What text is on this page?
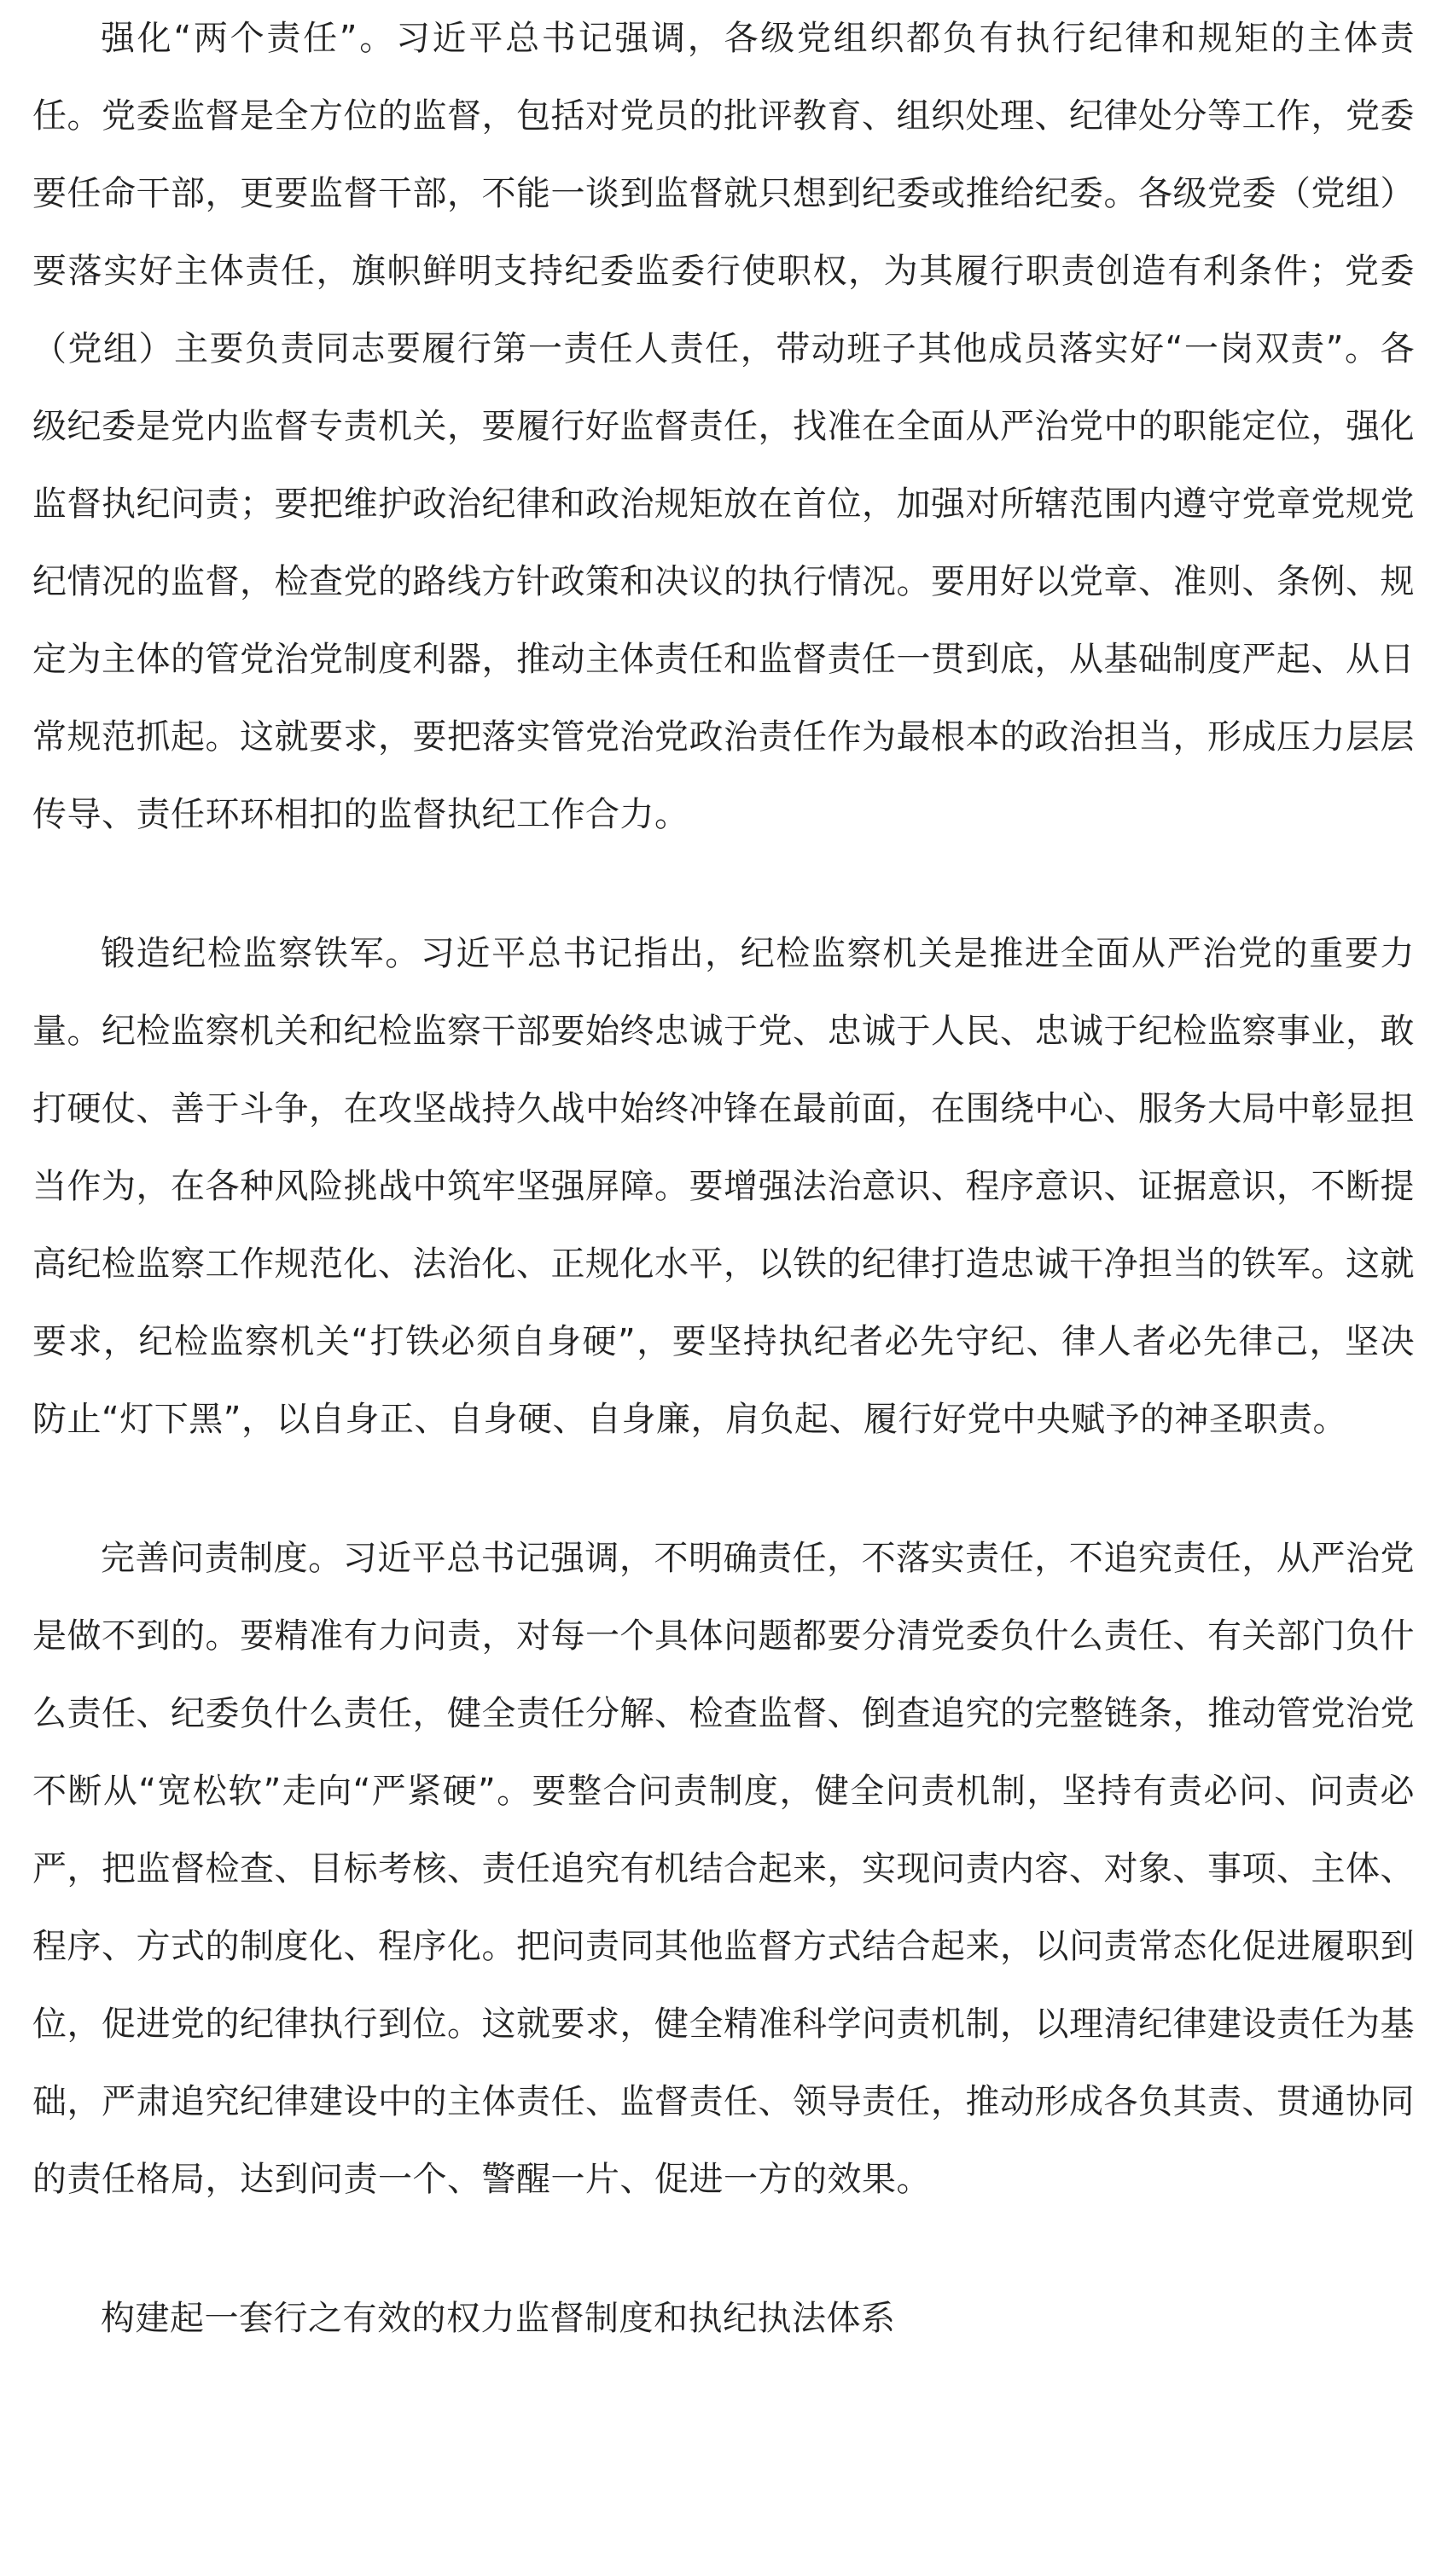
强化“两个责任”。习近平总书记强调，各级党组织都负有执行纪律和规矩的主体责任。党委监督是全方位的监督，包括对党员的批评教育、组织处理、纪律处分等工作，党委要任命干部，更要监督干部，不能一谈到监督就只想到纪委或推给纪委。各级党委（党组）要落实好主体责任，旗帜鲜明支持纪委监委行使职权，为其履行职责创造有利条件；党委（党组）主要负责同志要履行第一责任人责任，带动班子其他成员落实好“一岗双责”。各级纪委是党内监督专责机关，要履行好监督责任，找准在全面从严治党中的职能定位，强化监督执纪问责；要把维护政治纪律和政治规矩放在首位，加强对所辖范围内遵守党章党规党纪情况的监督，检查党的路线方针政策和决议的执行情况。要用好以党章、准则、条例、规定为主体的管党治党制度利器，推动主体责任和监督责任一贯到底，从基础制度严起、从日常规范抓起。这就要求，要把落实管党治党政治责任作为最根本的政治担当，形成压力层层传导、责任环环相扣的监督执纪工作合力。

锻造纪检监察铁军。习近平总书记指出，纪检监察机关是推进全面从严治党的重要力量。纪检监察机关和纪检监察干部要始终忠诚于党、忠诚于人民、忠诚于纪检监察事业，敢打硬仗、善于斗争，在攻坚战持久战中始终冲锋在最前面，在围绕中心、服务大局中彰显担当作为，在各种风险挑战中筑牢坚强屏障。要增强法治意识、程序意识、证据意识，不断提高纪检监察工作规范化、法治化、正规化水平，以铁的纪律打造忠诚干净担当的铁军。这就要求，纪检监察机关“打铁必须自身硬”，要坚持执纪者必先守纪、律人者必先律己，坚决防止“灯下黑”，以自身正、自身硬、自身廉，肩负起、履行好党中央赋予的神圣职责。

完善问责制度。习近平总书记强调，不明确责任，不落实责任，不追究责任，从严治党是做不到的。要精准有力问责，对每一个具体问题都要分清党委负什么责任、有关部门负什么责任、纪委负什么责任，健全责任分解、检查监督、倒查追究的完整链条，推动管党治党不断从“宽松软”走向“严紧硬”。要整合问责制度，健全问责机制，坚持有责必问、问责必严，把监督检查、目标考核、责任追究有机结合起来，实现问责内容、对象、事项、主体、程序、方式的制度化、程序化。把问责同其他监督方式结合起来，以问责常态化促进履职到位，促进党的纪律执行到位。这就要求，健全精准科学问责机制，以理清纪律建设责任为基础，严肃追究纪律建设中的主体责任、监督责任、领导责任，推动形成各负其责、贯通协同的责任格局，达到问责一个、警醒一片、促进一方的效果。

构建起一套行之有效的权力监督制度和执纪执法体系
